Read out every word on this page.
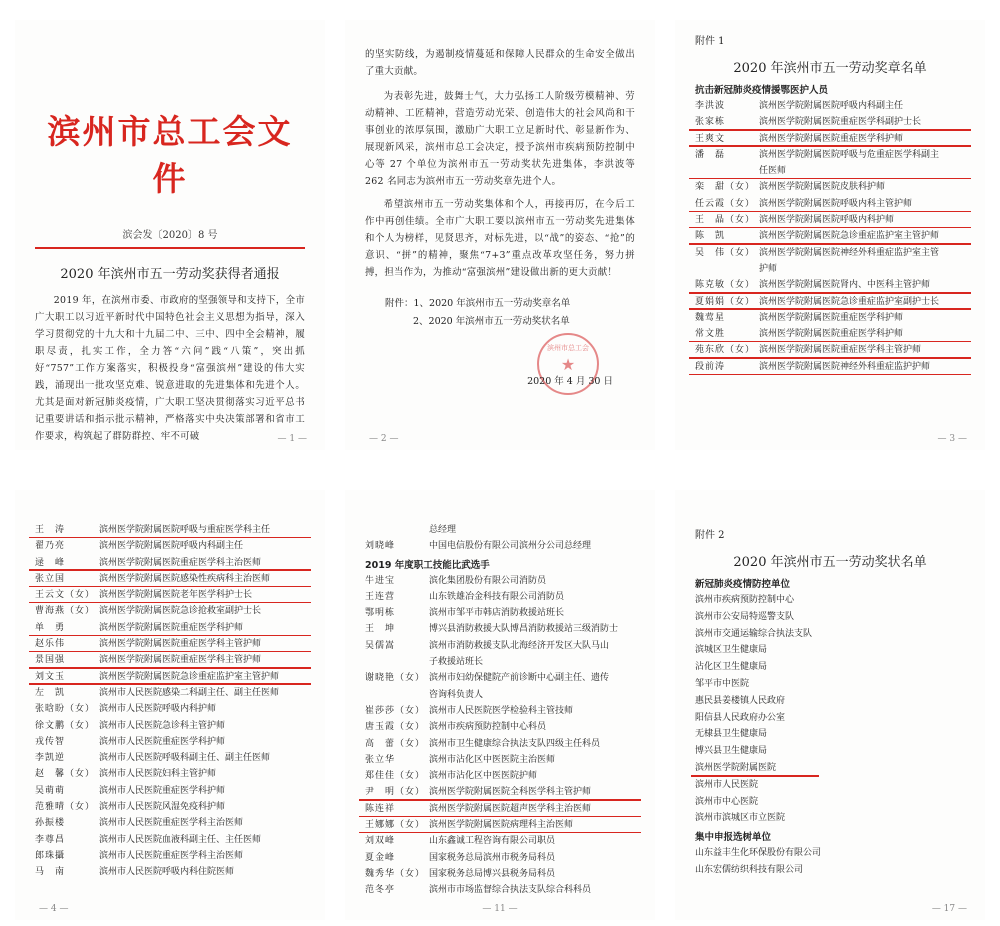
滨州市总工会文件
滨会发〔2020〕8 号
2020 年滨州市五一劳动奖获得者通报

2019 年，在滨州市委、市政府的坚强领导和支持下，全市广大职工以习近平新时代中国特色社会主义思想为指导，深入学习贯彻党的十九大和十九届二中、三中、四中全会精神，履职尽责，扎实工作，全力答“六问”践“八策”，突出抓好“757”工作方案落实，积极投身“富强滨州”建设的伟大实践，涌现出一批攻坚克难、锐意进取的先进集体和先进个人。尤其是面对新冠肺炎疫情，广大职工坚决贯彻落实习近平总书记重要讲话和指示批示精神，严格落实中央决策部署和省市工作要求，构筑起了群防群控、牢不可破	— 1 —

的坚实防线，为遏制疫情蔓延和保障人民群众的生命安全做出了重大贡献。

为表彰先进，鼓舞士气，大力弘扬工人阶级劳模精神、劳动精神、工匠精神，营造劳动光荣、创造伟大的社会风尚和干事创业的浓厚氛围，激励广大职工立足新时代、彰显新作为、展现新风采，滨州市总工会决定，授予滨州市疾病预防控制中心等 27 个单位为滨州市五一劳动奖状先进集体，李洪波等 262 名同志为滨州市五一劳动奖章先进个人。

希望滨州市五一劳动奖集体和个人，再接再厉，在今后工作中再创佳绩。全市广大职工要以滨州市五一劳动奖先进集体和个人为榜样，见贤思齐，对标先进，以“战”的姿态、“抢”的意识、“拼”的精神，聚焦“7+3”重点改革攻坚任务，努力拼搏，担当作为，为推动“富强滨州”建设做出新的更大贡献！

附件：1、2020 年滨州市五一劳动奖章名单
2、2020 年滨州市五一劳动奖状名单
滨州市总工会
★
2020 年 4 月 30 日
— 2 —
附件 1
2020 年滨州市五一劳动奖章名单
抗击新冠肺炎疫情援鄂医护人员
李洪波	滨州医学院附属医院呼吸内科副主任
张家栋	滨州医学院附属医院重症医学科副护士长
王爽文	滨州医学院附属医院重症医学科护师
潘　磊	滨州医学院附属医院呼吸与危重症医学科副主
任医师
栾　甜（女） 滨州医学院附属医院皮肤科护师
任云霞（女） 滨州医学院附属医院呼吸内科主管护师
王　晶（女） 滨州医学院附属医院呼吸内科护师
陈　凯	滨州医学院附属医院急诊重症监护室主管护师
吴　伟（女） 滨州医学院附属医院神经外科重症监护室主管
护师
陈克敏（女） 滨州医学院附属医院肾内、中医科主管护师
夏娟娟（女） 滨州医学院附属医院急诊重症监护室副护士长
魏莺星	滨州医学院附属医院重症医学科护师
常文胜	滨州医学院附属医院重症医学科护师
苑东欣（女） 滨州医学院附属医院重症医学科主管护师
段前涛	滨州医学院附属医院神经外科重症监护护师
— 3 —
王　涛	滨州医学院附属医院呼吸与重症医学科主任
翟乃亮	滨州医学院附属医院呼吸内科副主任
逯　峰	滨州医学院附属医院重症医学科主治医师
张立国	滨州医学院附属医院感染性疾病科主治医师
王云文（女） 滨州医学院附属医院老年医学科护士长
曹海燕（女） 滨州医学院附属医院急诊抢救室副护士长
单　勇	滨州医学院附属医院重症医学科护师
赵乐伟	滨州医学院附属医院重症医学科主管护师
景国强	滨州医学院附属医院重症医学科主管护师
刘文玉	滨州医学院附属医院急诊重症监护室主管护师
左　凯	滨州市人民医院感染二科副主任、副主任医师
张晗盼（女） 滨州市人民医院呼吸内科护师
徐文鹏（女） 滨州市人民医院急诊科主管护师
戎传智	滨州市人民医院重症医学科护师
李凯逆	滨州市人民医院呼吸科副主任、副主任医师
赵　馨（女） 滨州市人民医院妇科主管护师
吴萌萌	滨州市人民医院重症医学科护师
范雅晴（女） 滨州市人民医院风湿免疫科护师
孙振楼	滨州市人民医院重症医学科主治医师
李尊昌	滨州市人民医院血液科副主任、主任医师
郎珠攝	滨州市人民医院重症医学科主治医师
马　南	滨州市人民医院呼吸内科住院医师
— 4 —
总经理
刘晓峰	中国电信股份有限公司滨州分公司总经理
2019 年度职工技能比武选手
牛进宝	滨化集团股份有限公司消防员
王连营	山东铁雄冶金科技有限公司消防员
鄂明栋	滨州市邹平市韩店消防救援站班长
王　坤	博兴县消防救援大队博昌消防救援站三级消防士
吴儒嵩	滨州市消防救援支队北海经济开发区大队马山
子救援站班长
谢晓艳（女） 滨州市妇幼保健院产前诊断中心副主任、遗传
咨询科负责人
崔莎莎（女） 滨州市人民医院医学检验科主管技师
唐玉霞（女） 滨州市疾病预防控制中心科员
高　蕾（女） 滨州市卫生健康综合执法支队四级主任科员
张立华	滨州市沾化区中医医院主治医师
郑佳佳（女） 滨州市沾化区中医医院护师
尹　明（女） 滨州医学院附属医院全科医学科主管护师
陈连祥	滨州医学院附属医院超声医学科主治医师
王娜娜（女） 滨州医学院附属医院病理科主治医师
刘双峰	山东鑫诚工程咨询有限公司职员
夏金峰	国家税务总局滨州市税务局科员
魏秀华（女） 国家税务总局博兴县税务局科员
范冬亭	滨州市市场监督综合执法支队综合科科员
— 11 —
附件 2
2020 年滨州市五一劳动奖状名单
新冠肺炎疫情防控单位
滨州市疾病预防控制中心
滨州市公安局特巡警支队
滨州市交通运输综合执法支队
滨城区卫生健康局
沾化区卫生健康局
邹平市中医院
惠民县姜楼镇人民政府
阳信县人民政府办公室
无棣县卫生健康局
博兴县卫生健康局
滨州医学院附属医院
滨州市人民医院
滨州市中心医院
滨州市滨城区市立医院
集中申报选树单位
山东益丰生化环保股份有限公司
山东宏儒纺织科技有限公司
— 17 —
